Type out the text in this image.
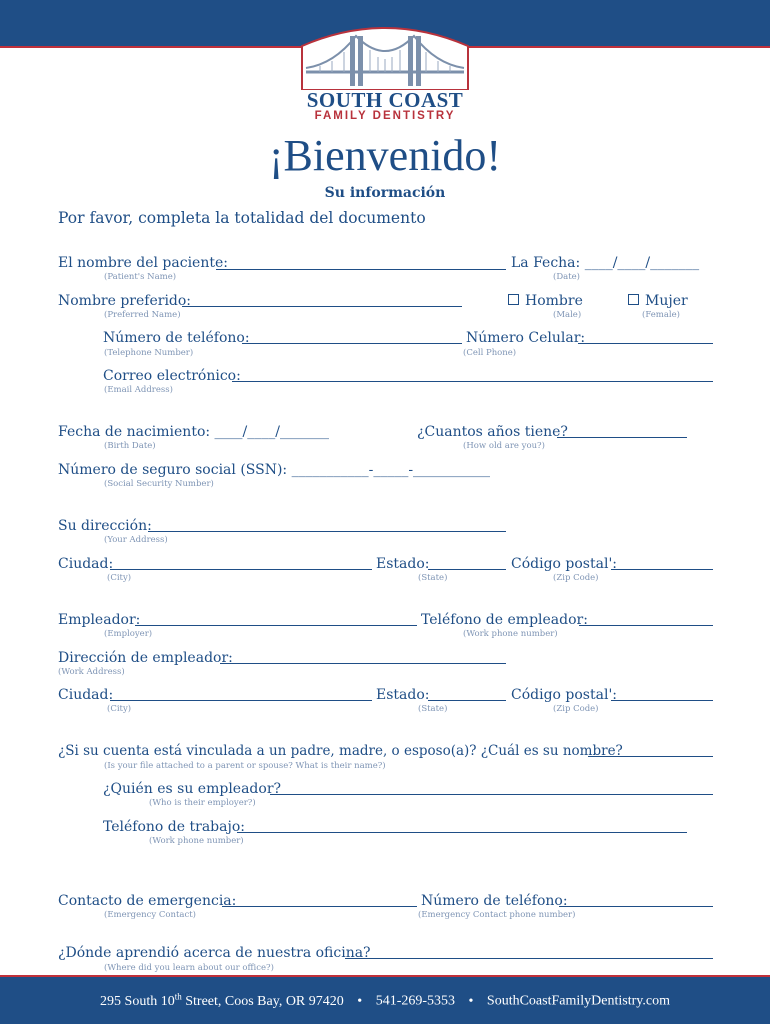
SOUTH COAST
FAMILY DENTISTRY
¡Bienvenido!
Su información
Por favor, completa la totalidad del documento
El nombre del paciente:
(Patient's Name)
La Fecha: ____/____/_______
(Date)
Nombre preferido:
(Preferred Name)
Hombre
(Male)
Mujer
(Female)
Número de teléfono:
(Telephone Number)
Número Celular:
(Cell Phone)
Correo electrónico:
(Email Address)
Fecha de nacimiento: ____/____/_______
(Birth Date)
¿Cuantos años tiene?
(How old are you?)
Número de seguro social (SSN): ___________-_____-___________
(Social Security Number)
Su dirección:
(Your Address)
Ciudad:
(City)
Estado:
(State)
Código postal':
(Zip Code)
Empleador:
(Employer)
Teléfono de empleador:
(Work phone number)
Dirección de empleador:
(Work Address)
Ciudad:
(City)
Estado:
(State)
Código postal':
(Zip Code)
¿Si su cuenta está vinculada a un padre, madre, o esposo(a)? ¿Cuál es su nombre?
(Is your file attached to a parent or spouse? What is their name?)
¿Quién es su empleador?
(Who is their employer?)
Teléfono de trabajo:
(Work phone number)
Contacto de emergencia:
(Emergency Contact)
Número de teléfono:
(Emergency Contact phone number)
¿Dónde aprendió acerca de nuestra oficina?
(Where did you learn about our office?)
295 South 10th Street, Coos Bay, OR 97420 • 541-269-5353 • SouthCoastFamilyDentistry.com
